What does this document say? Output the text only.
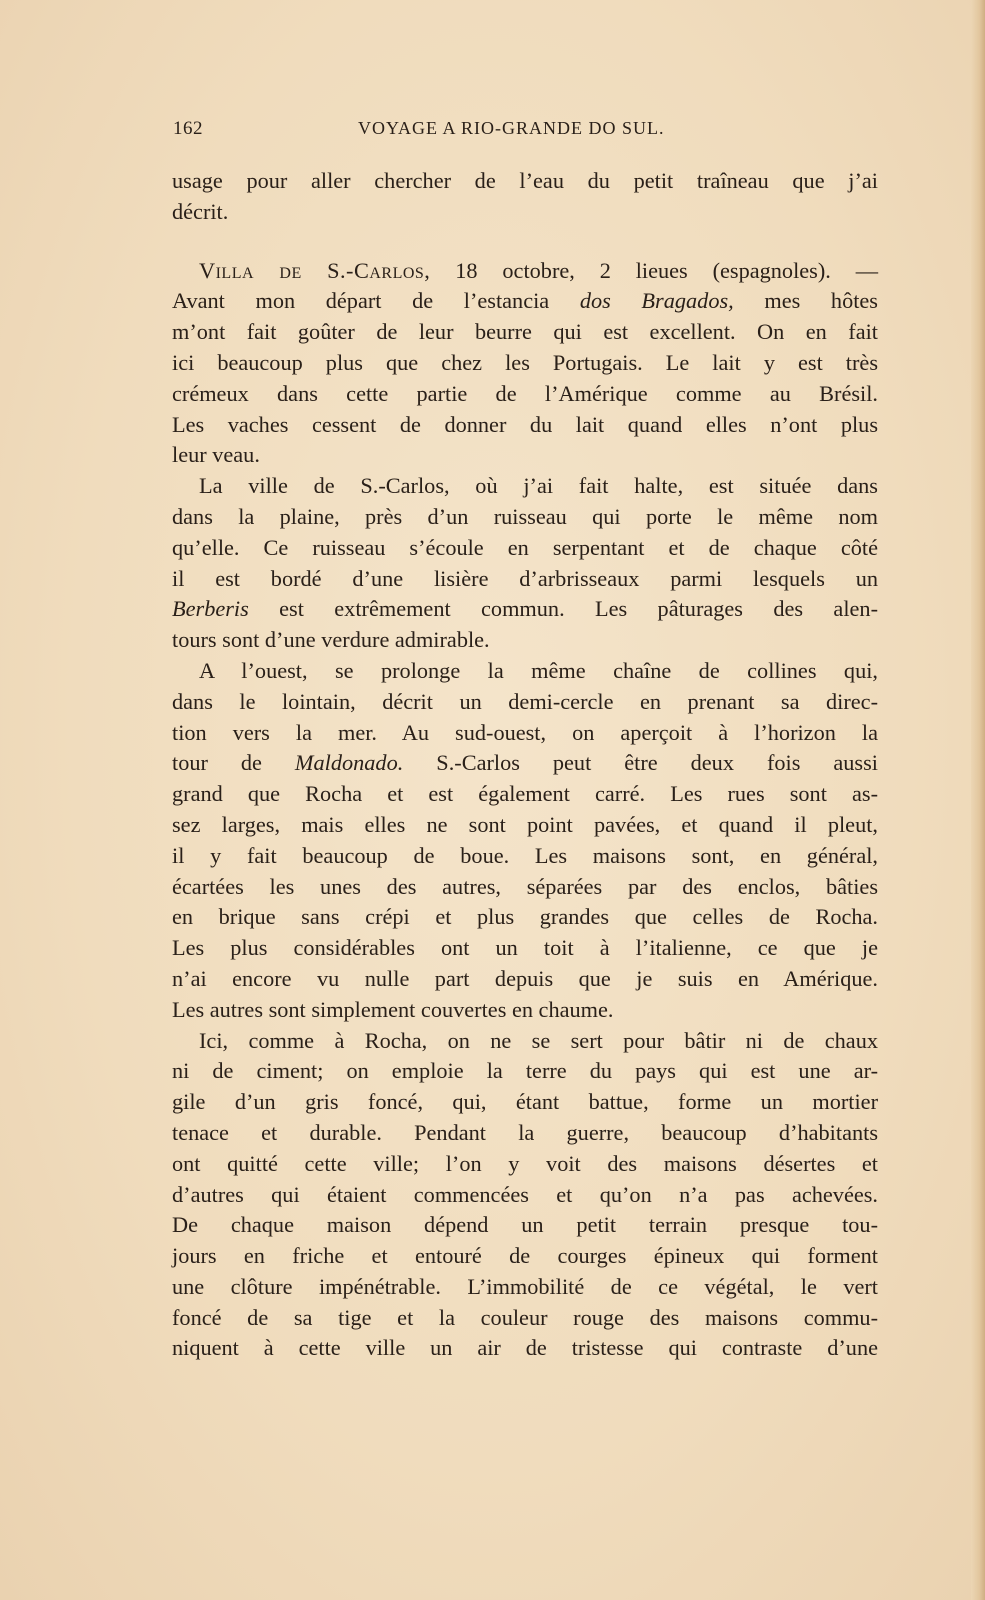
162	VOYAGE A RIO-GRANDE DO SUL.

usage pour aller chercher de l’eau du petit traîneau que j’ai
décrit.

Villa de S.-Carlos, 18 octobre, 2 lieues (espagnoles). —
Avant mon départ de l’estancia dos Bragados, mes hôtes
m’ont fait goûter de leur beurre qui est excellent. On en fait
ici beaucoup plus que chez les Portugais. Le lait y est très
crémeux dans cette partie de l’Amérique comme au Brésil.
Les vaches cessent de donner du lait quand elles n’ont plus
leur veau.

La ville de S.-Carlos, où j’ai fait halte, est située dans
dans la plaine, près d’un ruisseau qui porte le même nom
qu’elle. Ce ruisseau s’écoule en serpentant et de chaque côté
il est bordé d’une lisière d’arbrisseaux parmi lesquels un
Berberis est extrêmement commun. Les pâturages des alen-
tours sont d’une verdure admirable.

A l’ouest, se prolonge la même chaîne de collines qui,
dans le lointain, décrit un demi-cercle en prenant sa direc-
tion vers la mer. Au sud-ouest, on aperçoit à l’horizon la
tour de Maldonado. S.-Carlos peut être deux fois aussi
grand que Rocha et est également carré. Les rues sont as-
sez larges, mais elles ne sont point pavées, et quand il pleut,
il y fait beaucoup de boue. Les maisons sont, en général,
écartées les unes des autres, séparées par des enclos, bâties
en brique sans crépi et plus grandes que celles de Rocha.
Les plus considérables ont un toit à l’italienne, ce que je
n’ai encore vu nulle part depuis que je suis en Amérique.
Les autres sont simplement couvertes en chaume.

Ici, comme à Rocha, on ne se sert pour bâtir ni de chaux
ni de ciment; on emploie la terre du pays qui est une ar-
gile d’un gris foncé, qui, étant battue, forme un mortier
tenace et durable. Pendant la guerre, beaucoup d’habitants
ont quitté cette ville; l’on y voit des maisons désertes et
d’autres qui étaient commencées et qu’on n’a pas achevées.
De chaque maison dépend un petit terrain presque tou-
jours en friche et entouré de courges épineux qui forment
une clôture impénétrable. L’immobilité de ce végétal, le vert
foncé de sa tige et la couleur rouge des maisons commu-
niquent à cette ville un air de tristesse qui contraste d’une
